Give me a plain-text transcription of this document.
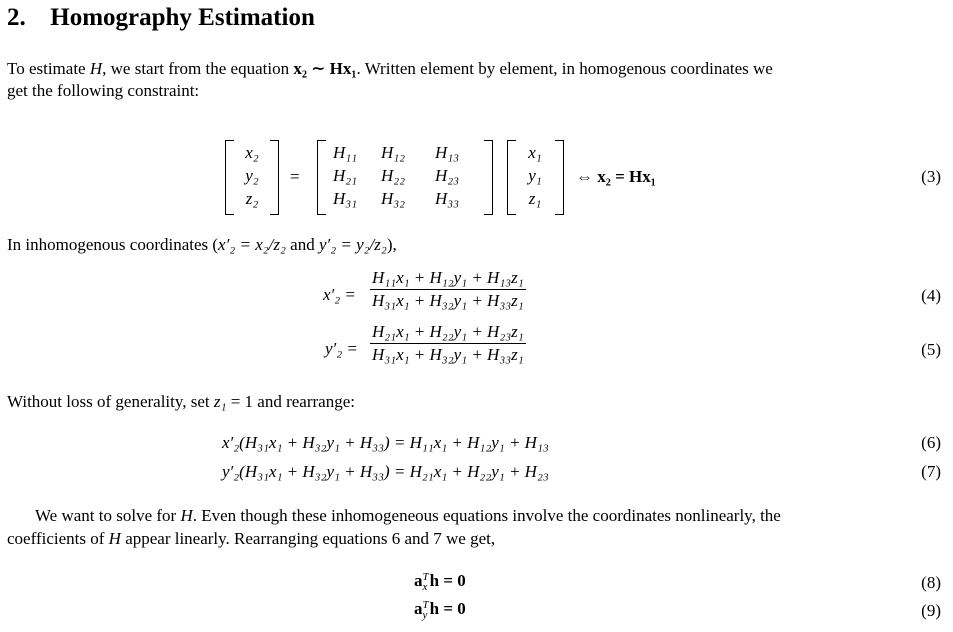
2. Homography Estimation
To estimate H, we start from the equation x₂ ∼ Hx₁. Written element by element, in homogenous coordinates we
get the following constraint:
x₂
y₂
z₂
=
H₁₁	H₁₂	H₁₃
H₂₁	H₂₂	H₂₃
H₃₁	H₃₂	H₃₃
x₁
y₁
z₁
⇔ x₂ = Hx₁	(3)
In inhomogenous coordinates (x′₂ = x₂/z₂ and y′₂ = y₂/z₂),
$x'_2 = \frac{\text{H₁₁x₁ + H₁₂y₁ + H₁₃z₁}}{\text{H₃₁x₁ + H₃₂y₁ + H₃₃z₁}}$	(4)
$y'_2 = \frac{\text{H₂₁x₁ + H₂₂y₁ + H₂₃z₁}}{\text{H₃₁x₁ + H₃₂y₁ + H₃₃z₁}}$	(5)
Without loss of generality, set z₁ = 1 and rearrange:
x′₂(H₃₁x₁ + H₃₂y₁ + H₃₃) = H₁₁x₁ + H₁₂y₁ + H₁₃	(6)
y′₂(H₃₁x₁ + H₃₂y₁ + H₃₃) = H₂₁x₁ + H₂₂y₁ + H₂₃	(7)
We want to solve for H. Even though these inhomogeneous equations involve the coordinates nonlinearly, the
coefficients of H appear linearly. Rearranging equations 6 and 7 we get,
a T
x h = 0	(8)
a T
y h = 0	(9)
